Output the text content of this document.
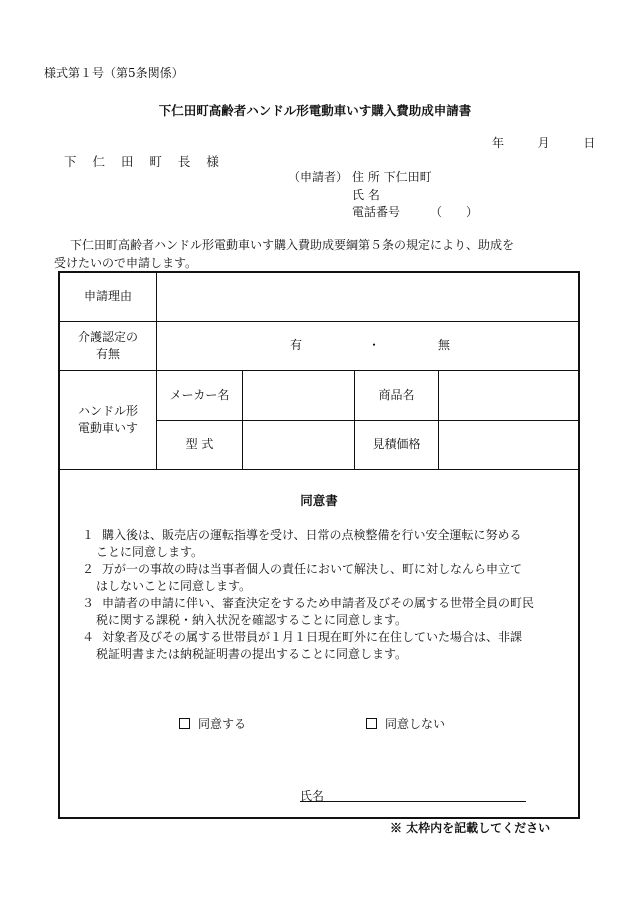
様式第１号（第5条関係）
下仁田町高齢者ハンドル形電動車いす購入費助成申請書
年	月	日
下 仁 田 町 長 様
（申請者） 住 所 下仁田町
氏 名
電話番号　　　（　　）
下仁田町高齢者ハンドル形電動車いす購入費助成要綱第５条の規定により、助成を
受けたいので申請します。
申請理由
介護認定の
有無
有	・	無
ハンドル形
電動車いす
メーカー名	商品名
型 式	見積価格
同意書
１ 購入後は、販売店の運転指導を受け、日常の点検整備を行い安全運転に努める
ことに同意します。
２ 万が一の事故の時は当事者個人の責任において解決し、町に対しなんら申立て
はしないことに同意します。
３ 申請者の申請に伴い、審査決定をするため申請者及びその属する世帯全員の町民
税に関する課税・納入状況を確認することに同意します。
４ 対象者及びその属する世帯員が１月１日現在町外に在住していた場合は、非課
税証明書または納税証明書の提出することに同意します。
同意する	同意しない
氏名
※ 太枠内を記載してください
